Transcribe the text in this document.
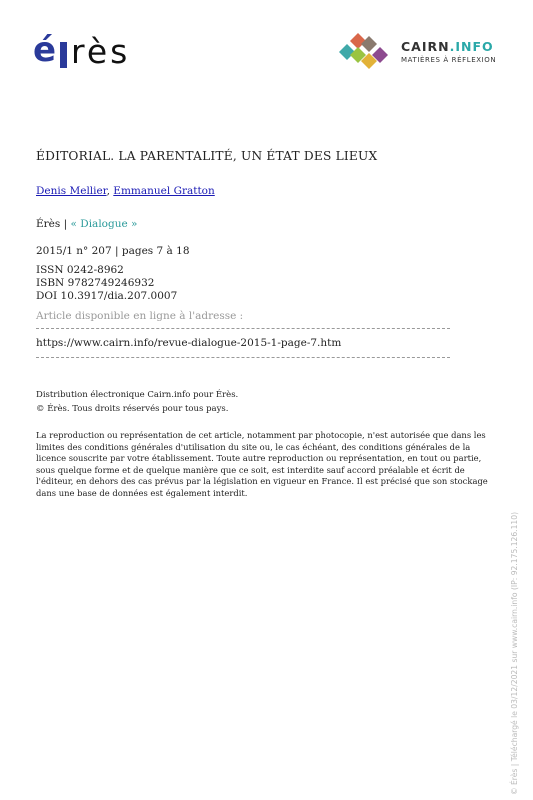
é rès	CAIRN.INFO
MATIÈRES À RÉFLEXION
ÉDITORIAL. LA PARENTALITÉ, UN ÉTAT DES LIEUX
Denis Mellier, Emmanuel Gratton
Érès | « Dialogue »
2015/1 n° 207 | pages 7 à 18
ISSN 0242-8962
ISBN 9782749246932
DOI 10.3917/dia.207.0007
Article disponible en ligne à l'adresse :
https://www.cairn.info/revue-dialogue-2015-1-page-7.htm
Distribution électronique Cairn.info pour Érès.
© Érès. Tous droits réservés pour tous pays.
La reproduction ou représentation de cet article, notamment par photocopie, n'est autorisée que dans les limites des conditions générales d'utilisation du site ou, le cas échéant, des conditions générales de la licence souscrite par votre établissement. Toute autre reproduction ou représentation, en tout ou partie, sous quelque forme et de quelque manière que ce soit, est interdite sauf accord préalable et écrit de l'éditeur, en dehors des cas prévus par la législation en vigueur en France. Il est précisé que son stockage dans une base de données est également interdit.
© Érès | Téléchargé le 03/12/2021 sur www.cairn.info (IP: 92.175.126.110)
